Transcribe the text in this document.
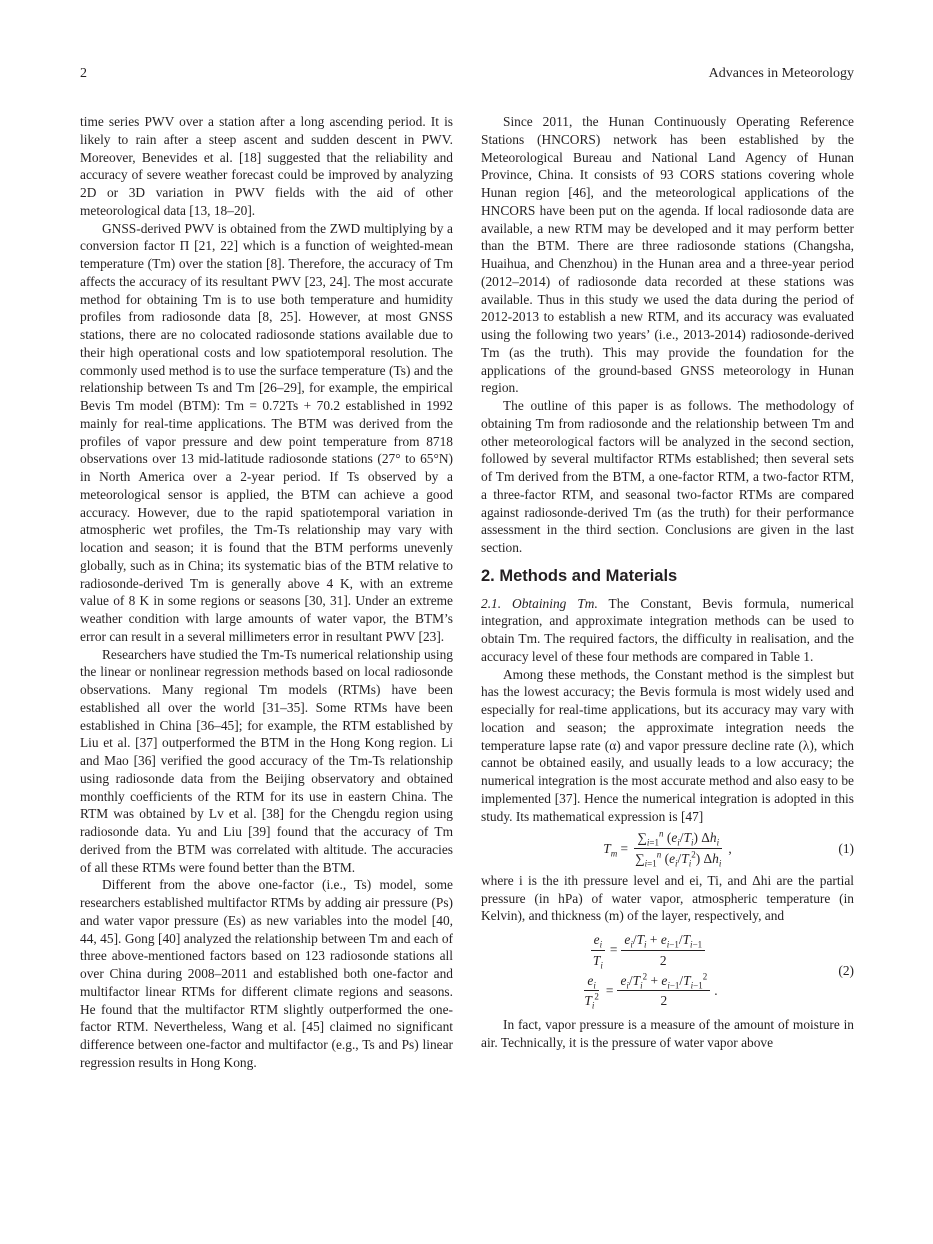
2	Advances in Meteorology

time series PWV over a station after a long ascending period. It is likely to rain after a steep ascent and sudden descent in PWV. Moreover, Benevides et al. [18] suggested that the reliability and accuracy of severe weather forecast could be improved by analyzing 2D or 3D variation in PWV fields with the aid of other meteorological data [13, 18–20].

GNSS-derived PWV is obtained from the ZWD multiplying by a conversion factor Π [21, 22] which is a function of weighted-mean temperature (Tm) over the station [8]. Therefore, the accuracy of Tm affects the accuracy of its resultant PWV [23, 24]. The most accurate method for obtaining Tm is to use both temperature and humidity profiles from radiosonde data [8, 25]. However, at most GNSS stations, there are no colocated radiosonde stations available due to their high operational costs and low spatiotemporal resolution. The commonly used method is to use the surface temperature (Ts) and the relationship between Ts and Tm [26–29], for example, the empirical Bevis Tm model (BTM): Tm = 0.72Ts + 70.2 established in 1992 mainly for real-time applications. The BTM was derived from the profiles of vapor pressure and dew point temperature from 8718 observations over 13 mid-latitude radiosonde stations (27° to 65°N) in North America over a 2-year period. If Ts observed by a meteorological sensor is applied, the BTM can achieve a good accuracy. However, due to the rapid spatiotemporal variation in atmospheric wet profiles, the Tm-Ts relationship may vary with location and season; it is found that the BTM performs unevenly globally, such as in China; its systematic bias of the BTM relative to radiosonde-derived Tm is generally above 4 K, with an extreme value of 8 K in some regions or seasons [30, 31]. Under an extreme weather condition with large amounts of water vapor, the BTM’s error can result in a several millimeters error in resultant PWV [23].

Researchers have studied the Tm-Ts numerical relationship using the linear or nonlinear regression methods based on local radiosonde observations. Many regional Tm models (RTMs) have been established all over the world [31–35]. Some RTMs have been established in China [36–45]; for example, the RTM established by Liu et al. [37] outperformed the BTM in the Hong Kong region. Li and Mao [36] verified the good accuracy of the Tm-Ts relationship using radiosonde data from the Beijing observatory and obtained monthly coefficients of the RTM for its use in eastern China. The RTM was obtained by Lv et al. [38] for the Chengdu region using radiosonde data. Yu and Liu [39] found that the accuracy of Tm derived from the BTM was correlated with altitude. The accuracies of all these RTMs were found better than the BTM.

Different from the above one-factor (i.e., Ts) model, some researchers established multifactor RTMs by adding air pressure (Ps) and water vapor pressure (Es) as new variables into the model [40, 44, 45]. Gong [40] analyzed the relationship between Tm and each of three above-mentioned factors based on 123 radiosonde stations all over China during 2008–2011 and established both one-factor and multifactor linear RTMs for different climate regions and seasons. He found that the multifactor RTM slightly outperformed the one-factor RTM. Nevertheless, Wang et al. [45] claimed no significant difference between one-factor and multifactor (e.g., Ts and Ps) linear regression results in Hong Kong.

Since 2011, the Hunan Continuously Operating Reference Stations (HNCORS) network has been established by the Meteorological Bureau and National Land Agency of Hunan Province, China. It consists of 93 CORS stations covering whole Hunan region [46], and the meteorological applications of the HNCORS have been put on the agenda. If local radiosonde data are available, a new RTM may be developed and it may perform better than the BTM. There are three radiosonde stations (Changsha, Huaihua, and Chenzhou) in the Hunan area and a three-year period (2012–2014) of radiosonde data recorded at these stations was available. Thus in this study we used the data during the period of 2012-2013 to establish a new RTM, and its accuracy was evaluated using the following two years’ (i.e., 2013-2014) radiosonde-derived Tm (as the truth). This may provide the foundation for the applications of the ground-based GNSS meteorology in Hunan region.

The outline of this paper is as follows. The methodology of obtaining Tm from radiosonde and the relationship between Tm and other meteorological factors will be analyzed in the second section, followed by several multifactor RTMs established; then several sets of Tm derived from the BTM, a one-factor RTM, a two-factor RTM, a three-factor RTM, and seasonal two-factor RTMs are compared against radiosonde-derived Tm (as the truth) for their performance assessment in the third section. Conclusions are given in the last section.

2. Methods and Materials

2.1. Obtaining Tm. The Constant, Bevis formula, numerical integration, and approximate integration methods can be used to obtain Tm. The required factors, the difficulty in realisation, and the accuracy level of these four methods are compared in Table 1.

Among these methods, the Constant method is the simplest but has the lowest accuracy; the Bevis formula is most widely used and especially for real-time applications, but its accuracy may vary with location and season; the approximate integration needs the temperature lapse rate (α) and vapor pressure decline rate (λ), which cannot be obtained easily, and usually leads to a low accuracy; the numerical integration is the most accurate method and also easy to be implemented [37]. Hence the numerical integration is adopted in this study. Its mathematical expression is [47]

$T_m = \frac{\sum_{i=1}^n (e_i/T_i) \Delta h_i}{\sum_{i=1}^n (e_i/T_i^2) \Delta h_i}$ ,	(1)

where i is the ith pressure level and ei, Ti, and Δhi are the partial pressure (in hPa) of water vapor, atmospheric temperature (in Kelvin), and thickness (m) of the layer, respectively, and

$\frac{e_i}{T_i} = \frac{e_i/T_i + e_{i-1}/T_{i-1}}{2}$
$\frac{e_i}{T_i^2} = \frac{e_i/T_i^2 + e_{i-1}/T_{i-1}^2}{2}$ .
(2)

In fact, vapor pressure is a measure of the amount of moisture in air. Technically, it is the pressure of water vapor above
